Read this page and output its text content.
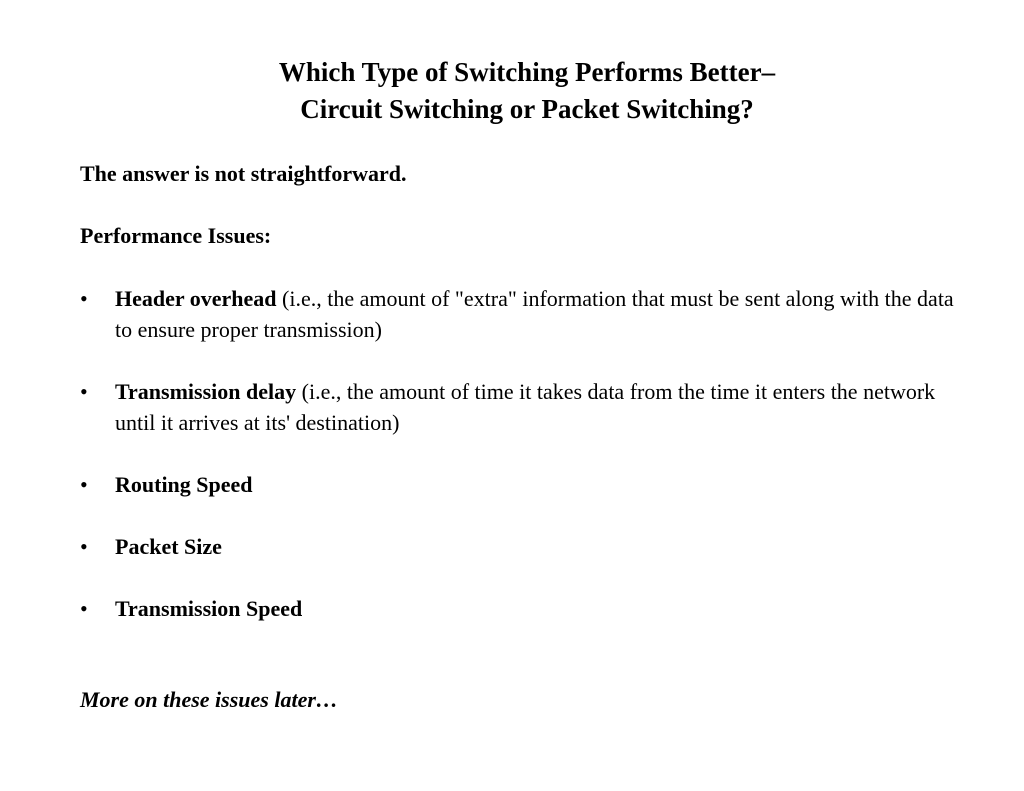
Which Type of Switching Performs Better–
Circuit Switching or Packet Switching?
The answer is not straightforward.
Performance Issues:
•	Header overhead (i.e., the amount of "extra" information that must be sent along with the data to ensure proper transmission)
•	Transmission delay (i.e., the amount of time it takes data from the time it enters the network until it arrives at its' destination)
•	Routing Speed
•	Packet Size
•	Transmission Speed
More on these issues later…
